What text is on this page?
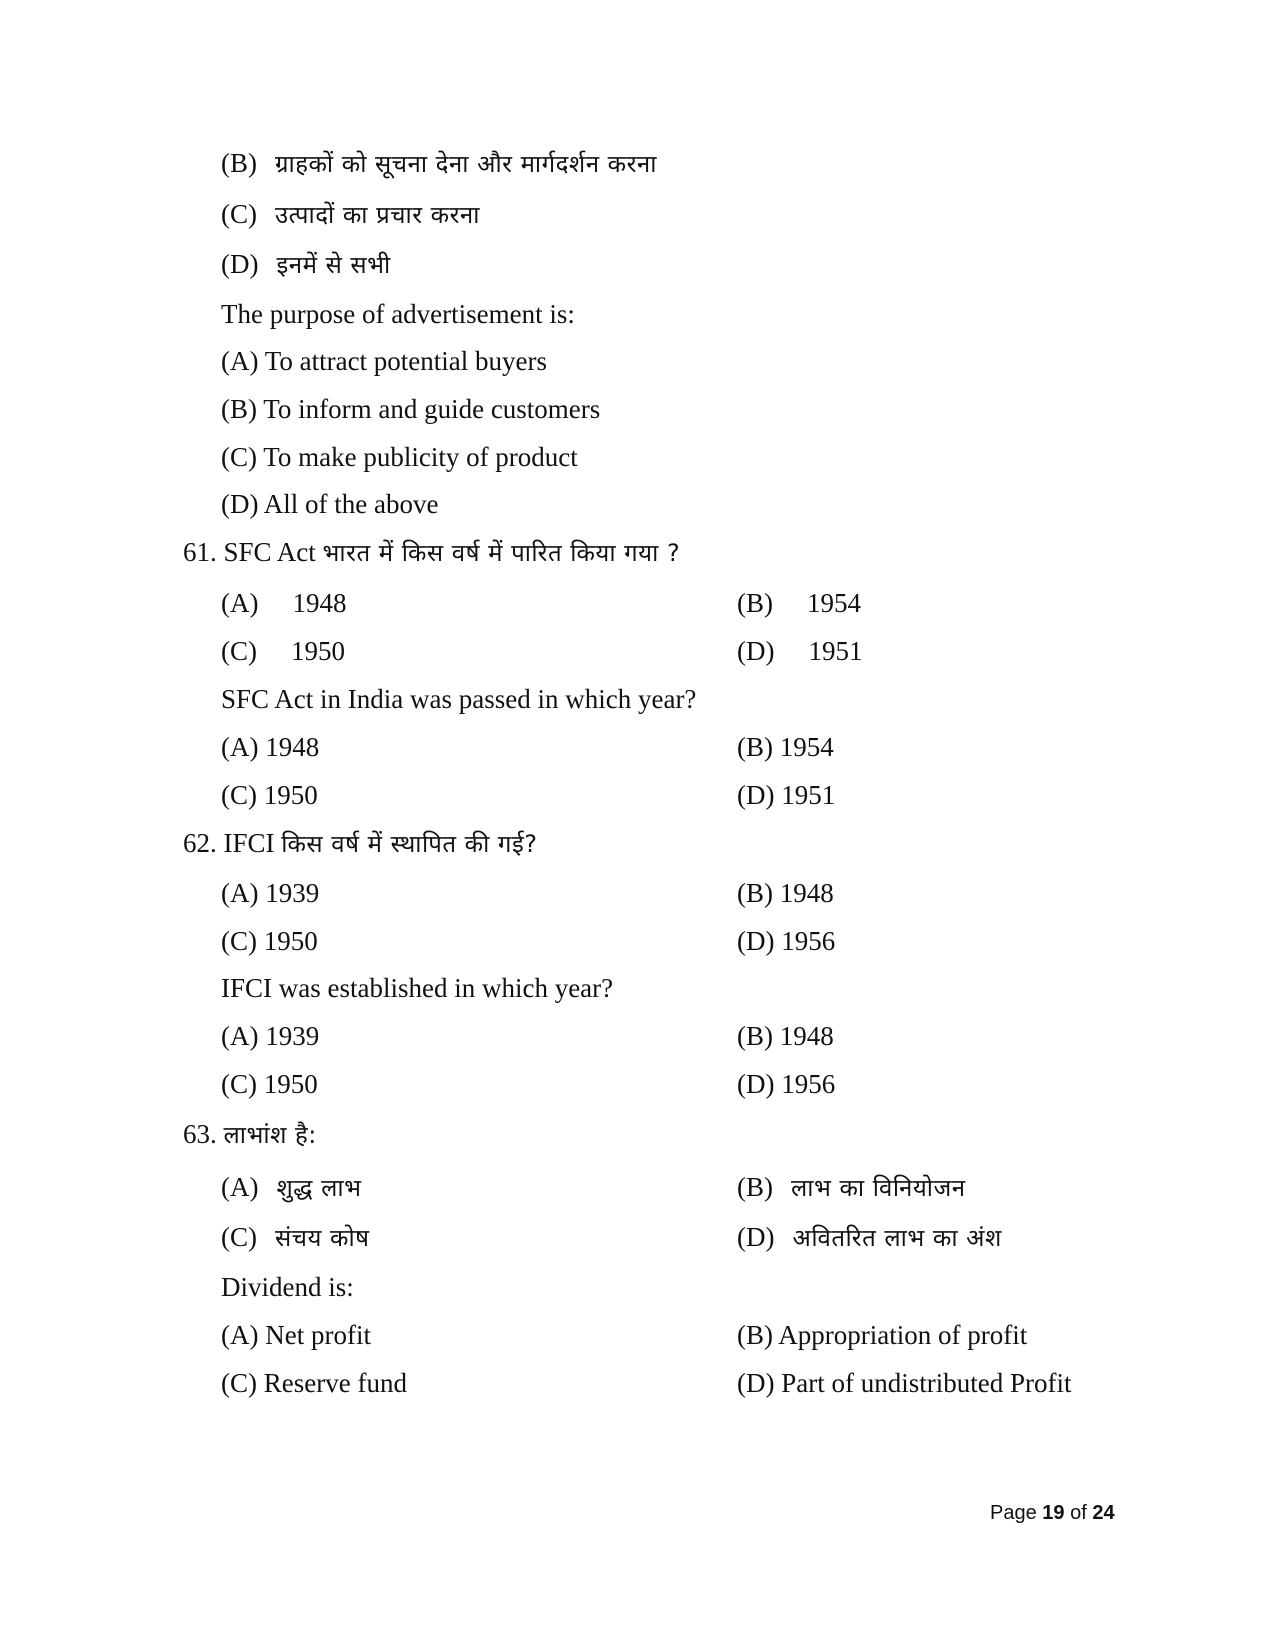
(B) ग्राहकों को सूचना देना और मार्गदर्शन करना
(C) उत्पादों का प्रचार करना
(D) इनमें से सभी
The purpose of advertisement is:
(A) To attract potential buyers
(B) To inform and guide customers
(C) To make publicity of product
(D) All of the above
61. SFC Act भारत में किस वर्ष में पारित किया गया ?
(A) 1948	(B) 1954
(C) 1950	(D) 1951
SFC Act in India was passed in which year?
(A) 1948	(B) 1954
(C) 1950	(D) 1951
62. IFCI किस वर्ष में स्थापित की गई?
(A) 1939	(B) 1948
(C) 1950	(D) 1956
IFCI was established in which year?
(A) 1939	(B) 1948
(C) 1950	(D) 1956
63. लाभांश है:
(A) शुद्ध लाभ	(B) लाभ का विनियोजन
(C) संचय कोष	(D) अवितरित लाभ का अंश
Dividend is:
(A) Net profit	(B) Appropriation of profit
(C) Reserve fund	(D) Part of undistributed Profit
Page 19 of 24
